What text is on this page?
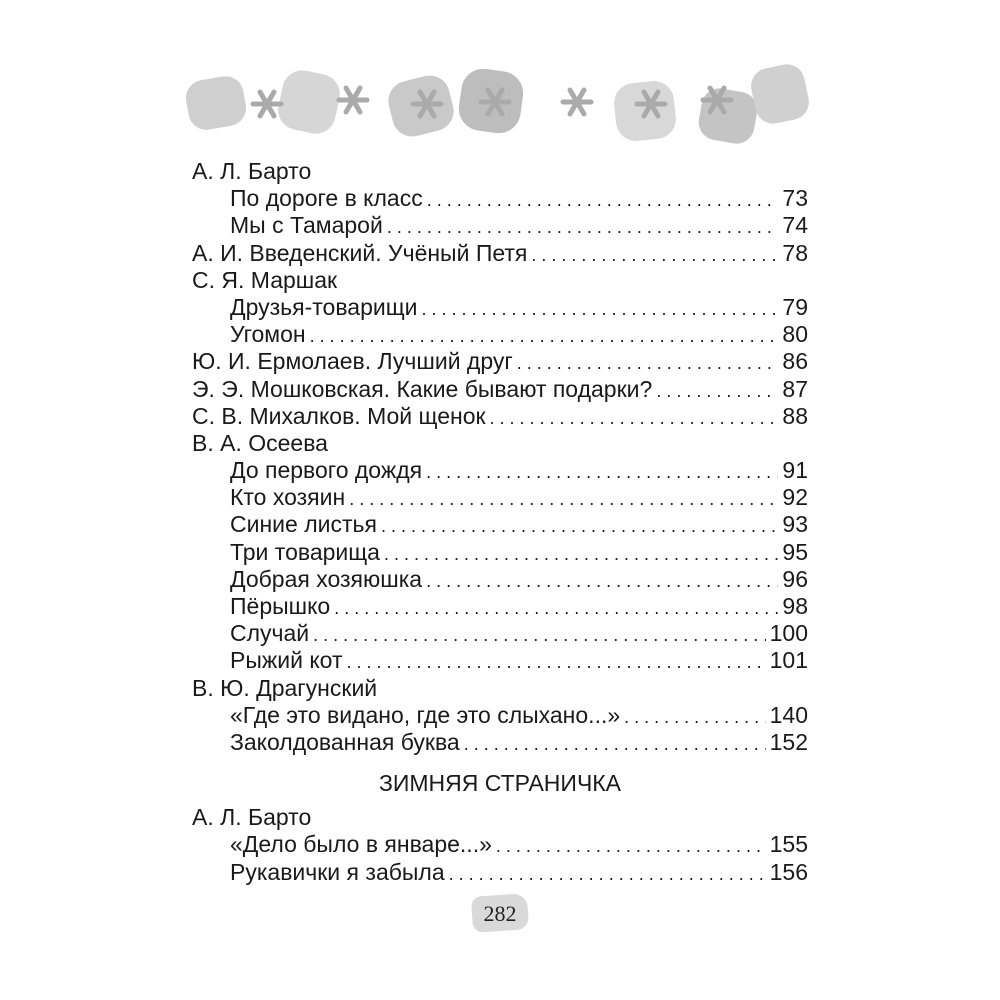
А. Л. Барто
По дороге в класс . . .	73
Мы с Тамарой . . .	74
А. И. Введенский. Учёный Петя . . .	78
С. Я. Маршак
Друзья-товарищи . . .	79
Угомон . . .	80
Ю. И. Ермолаев. Лучший друг . . .	86
Э. Э. Мошковская. Какие бывают подарки? . . .	87
С. В. Михалков. Мой щенок . . .	88
В. А. Осеева
До первого дождя . . .	91
Кто хозяин . . .	92
Синие листья . . .	93
Три товарища . . .	95
Добрая хозяюшка . . .	96
Пёрышко . . .	98
Случай . . .	100
Рыжий кот . . .	101
В. Ю. Драгунский
«Где это видано, где это слыхано...» . . .	140
Заколдованная буква . . .	152
ЗИМНЯЯ СТРАНИЧКА
А. Л. Барто
«Дело было в январе...» . . .	155
Рукавички я забыла . . .	156
282
